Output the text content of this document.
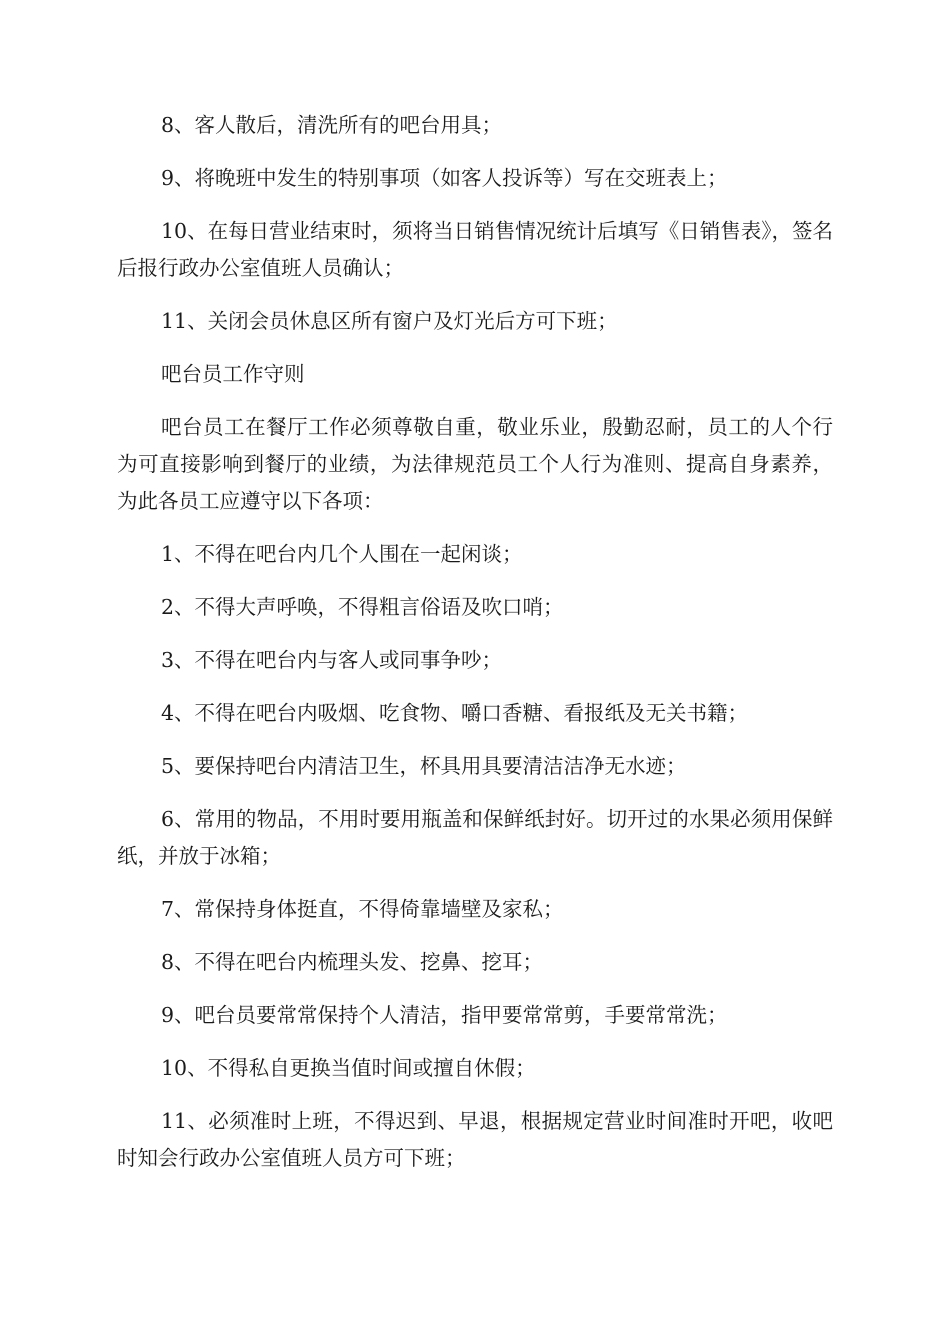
8、客人散后，清洗所有的吧台用具；

9、将晚班中发生的特别事项（如客人投诉等）写在交班表上；

10、在每日营业结束时，须将当日销售情况统计后填写《日销售表》，签名后报行政办公室值班人员确认；

11、关闭会员休息区所有窗户及灯光后方可下班；

吧台员工作守则

吧台员工在餐厅工作必须尊敬自重，敬业乐业，殷勤忍耐，员工的人个行为可直接影响到餐厅的业绩，为法律规范员工个人行为准则、提高自身素养，为此各员工应遵守以下各项：

1、不得在吧台内几个人围在一起闲谈；

2、不得大声呼唤，不得粗言俗语及吹口哨；

3、不得在吧台内与客人或同事争吵；

4、不得在吧台内吸烟、吃食物、嚼口香糖、看报纸及无关书籍；

5、要保持吧台内清洁卫生，杯具用具要清洁洁净无水迹；

6、常用的物品，不用时要用瓶盖和保鲜纸封好。切开过的水果必须用保鲜纸，并放于冰箱；

7、常保持身体挺直，不得倚靠墙壁及家私；

8、不得在吧台内梳理头发、挖鼻、挖耳；

9、吧台员要常常保持个人清洁，指甲要常常剪，手要常常洗；

10、不得私自更换当值时间或擅自休假；

11、必须准时上班，不得迟到、早退，根据规定营业时间准时开吧，收吧时知会行政办公室值班人员方可下班；
